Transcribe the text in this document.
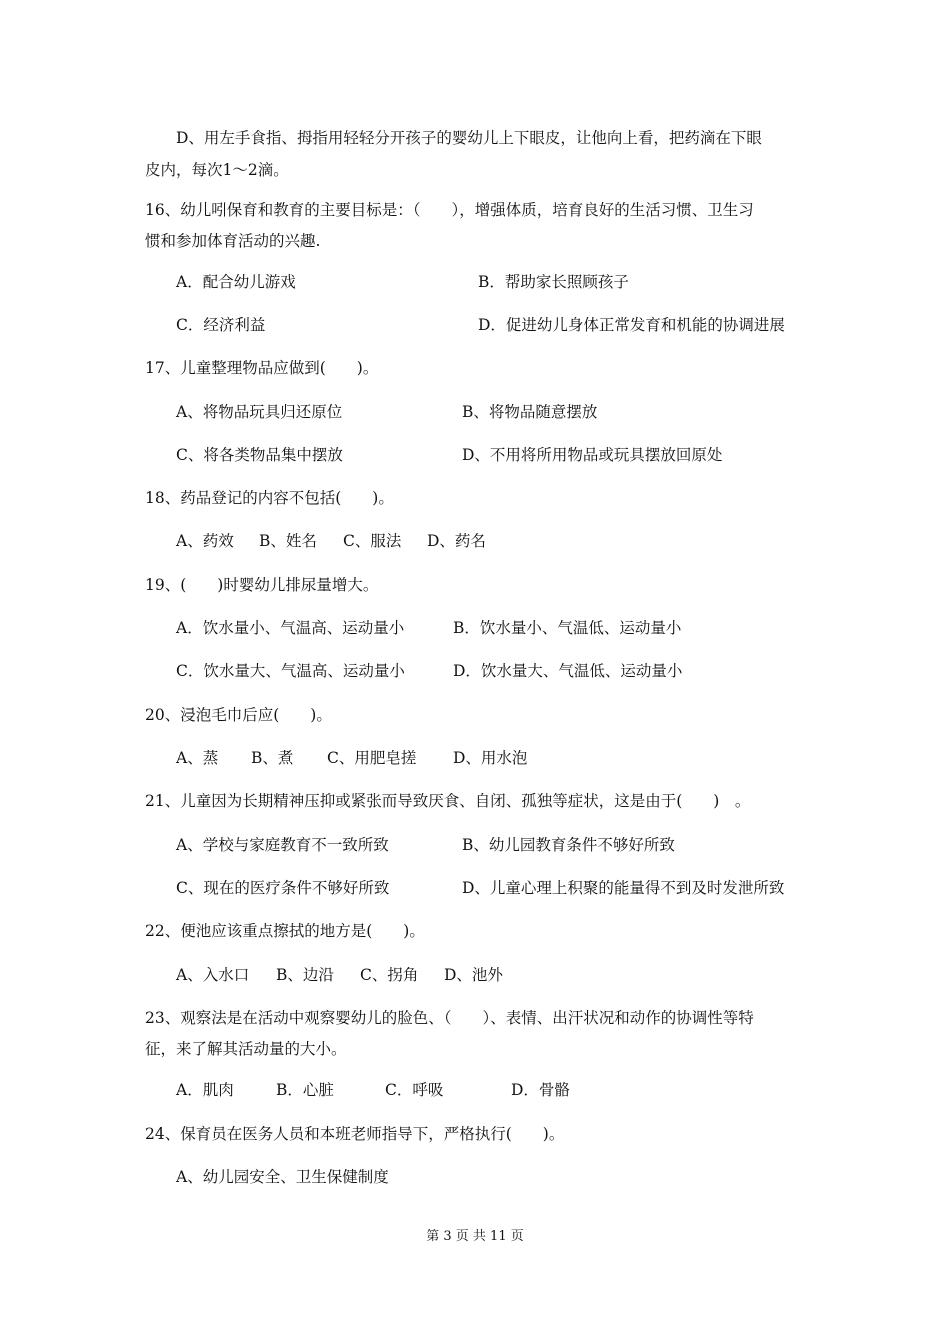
D、用左手食指、拇指用轻轻分开孩子的婴幼儿上下眼皮，让他向上看，把药滴在下眼
皮内，每次1～2滴。
16、幼儿吲保育和教育的主要目标是：（　　），增强体质，培育良好的生活习惯、卫生习
惯和参加体育活动的兴趣.
A．配合幼儿游戏	B．帮助家长照顾孩子
C．经济利益	D．促进幼儿身体正常发育和机能的协调进展
17、儿童整理物品应做到(　　)。
A、将物品玩具归还原位	B、将物品随意摆放
C、将各类物品集中摆放	D、不用将所用物品或玩具摆放回原处
18、药品登记的内容不包括(　　)。
A、药效 B、姓名 C、服法 D、药名
19、(　　)时婴幼儿排尿量增大。
A．饮水量小、气温高、运动量小	B．饮水量小、气温低、运动量小
C．饮水量大、气温高、运动量小	D．饮水量大、气温低、运动量小
20、浸泡毛巾后应(　　)。
A、蒸 B、煮 C、用肥皂搓 D、用水泡
21、儿童因为长期精神压抑或紧张而导致厌食、自闭、孤独等症状，这是由于(　　)　。
A、学校与家庭教育不一致所致	B、幼儿园教育条件不够好所致
C、现在的医疗条件不够好所致	D、儿童心理上积聚的能量得不到及时发泄所致
22、便池应该重点擦拭的地方是(　　)。
A、入水口 B、边沿 C、拐角 D、池外
23、观察法是在活动中观察婴幼儿的脸色、（　　）、表情、出汗状况和动作的协调性等特
征，来了解其活动量的大小。
A．肌肉	B．心脏	C．呼吸	D．骨骼
24、保育员在医务人员和本班老师指导下，严格执行(　　)。
A、幼儿园安全、卫生保健制度
第 3 页 共 11 页
